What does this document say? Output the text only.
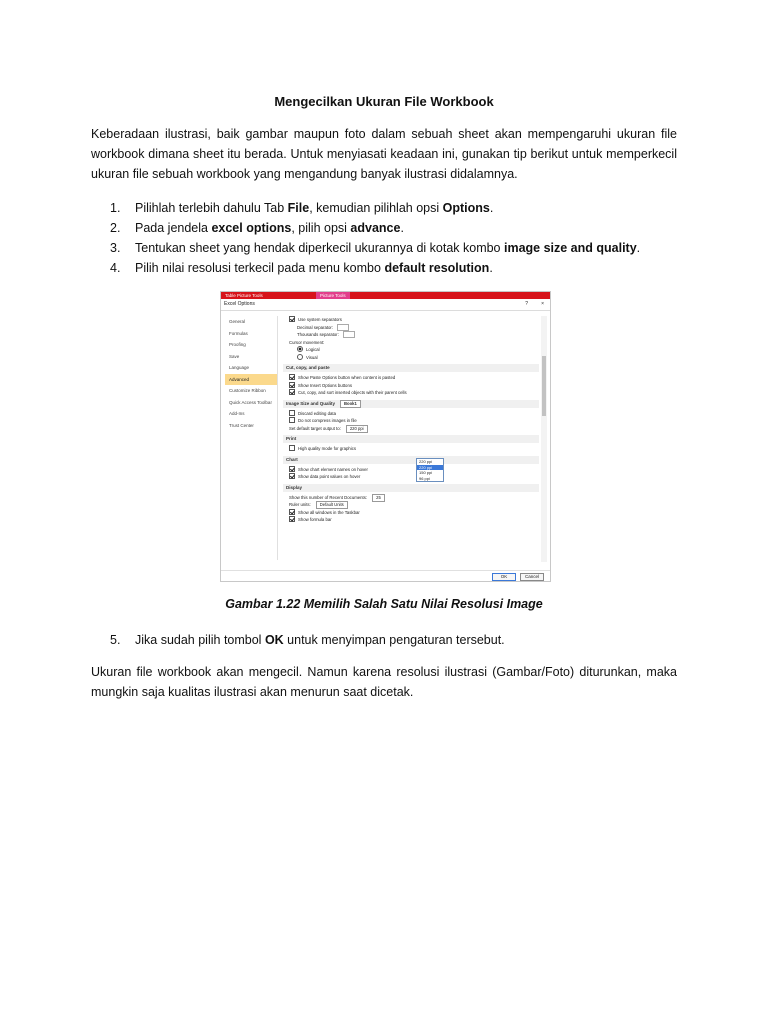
Mengecilkan Ukuran File Workbook
Keberadaan ilustrasi, baik gambar maupun foto dalam sebuah sheet akan mempengaruhi ukuran file workbook dimana sheet itu berada. Untuk menyiasati keadaan ini, gunakan tip berikut untuk memperkecil ukuran file sebuah workbook yang mengandung banyak ilustrasi didalamnya.
1. Pilihlah terlebih dahulu Tab File, kemudian pilihlah opsi Options.
2. Pada jendela excel options, pilih opsi advance.
3. Tentukan sheet yang hendak diperkecil ukurannya di kotak kombo image size and quality.
4. Pilih nilai resolusi terkecil pada menu kombo default resolution.
Table Picture Tools	Picture Tools
Excel Options	?	×
General
Formulas
Proofing
Save
Language
Advanced
Customize Ribbon
Quick Access Toolbar
Add-Ins
Trust Center
Use system separators
Decimal separator:
Thousands separator:
Cursor movement:
Logical
Visual
Cut, copy, and paste
Show Paste Options button when content is pasted
Show Insert Options buttons
Cut, copy, and sort inserted objects with their parent cells
Image Size and Quality Book1
Discard editing data
Do not compress images in file
Set default target output to: 220 ppi
Print
High quality mode for graphics
Chart
Show chart element names on hover
Show data point values on hover
Display
Show this number of Recent Documents: 25
Ruler units: Default Units
Show all windows in the Taskbar
Show formula bar
220 ppi
220 ppi
150 ppi
96 ppi
OK	Cancel
Gambar 1.22 Memilih Salah Satu Nilai Resolusi Image
5. Jika sudah pilih tombol OK untuk menyimpan pengaturan tersebut.
Ukuran file workbook akan mengecil. Namun karena resolusi ilustrasi (Gambar/Foto) diturunkan, maka mungkin saja kualitas ilustrasi akan menurun saat dicetak.
